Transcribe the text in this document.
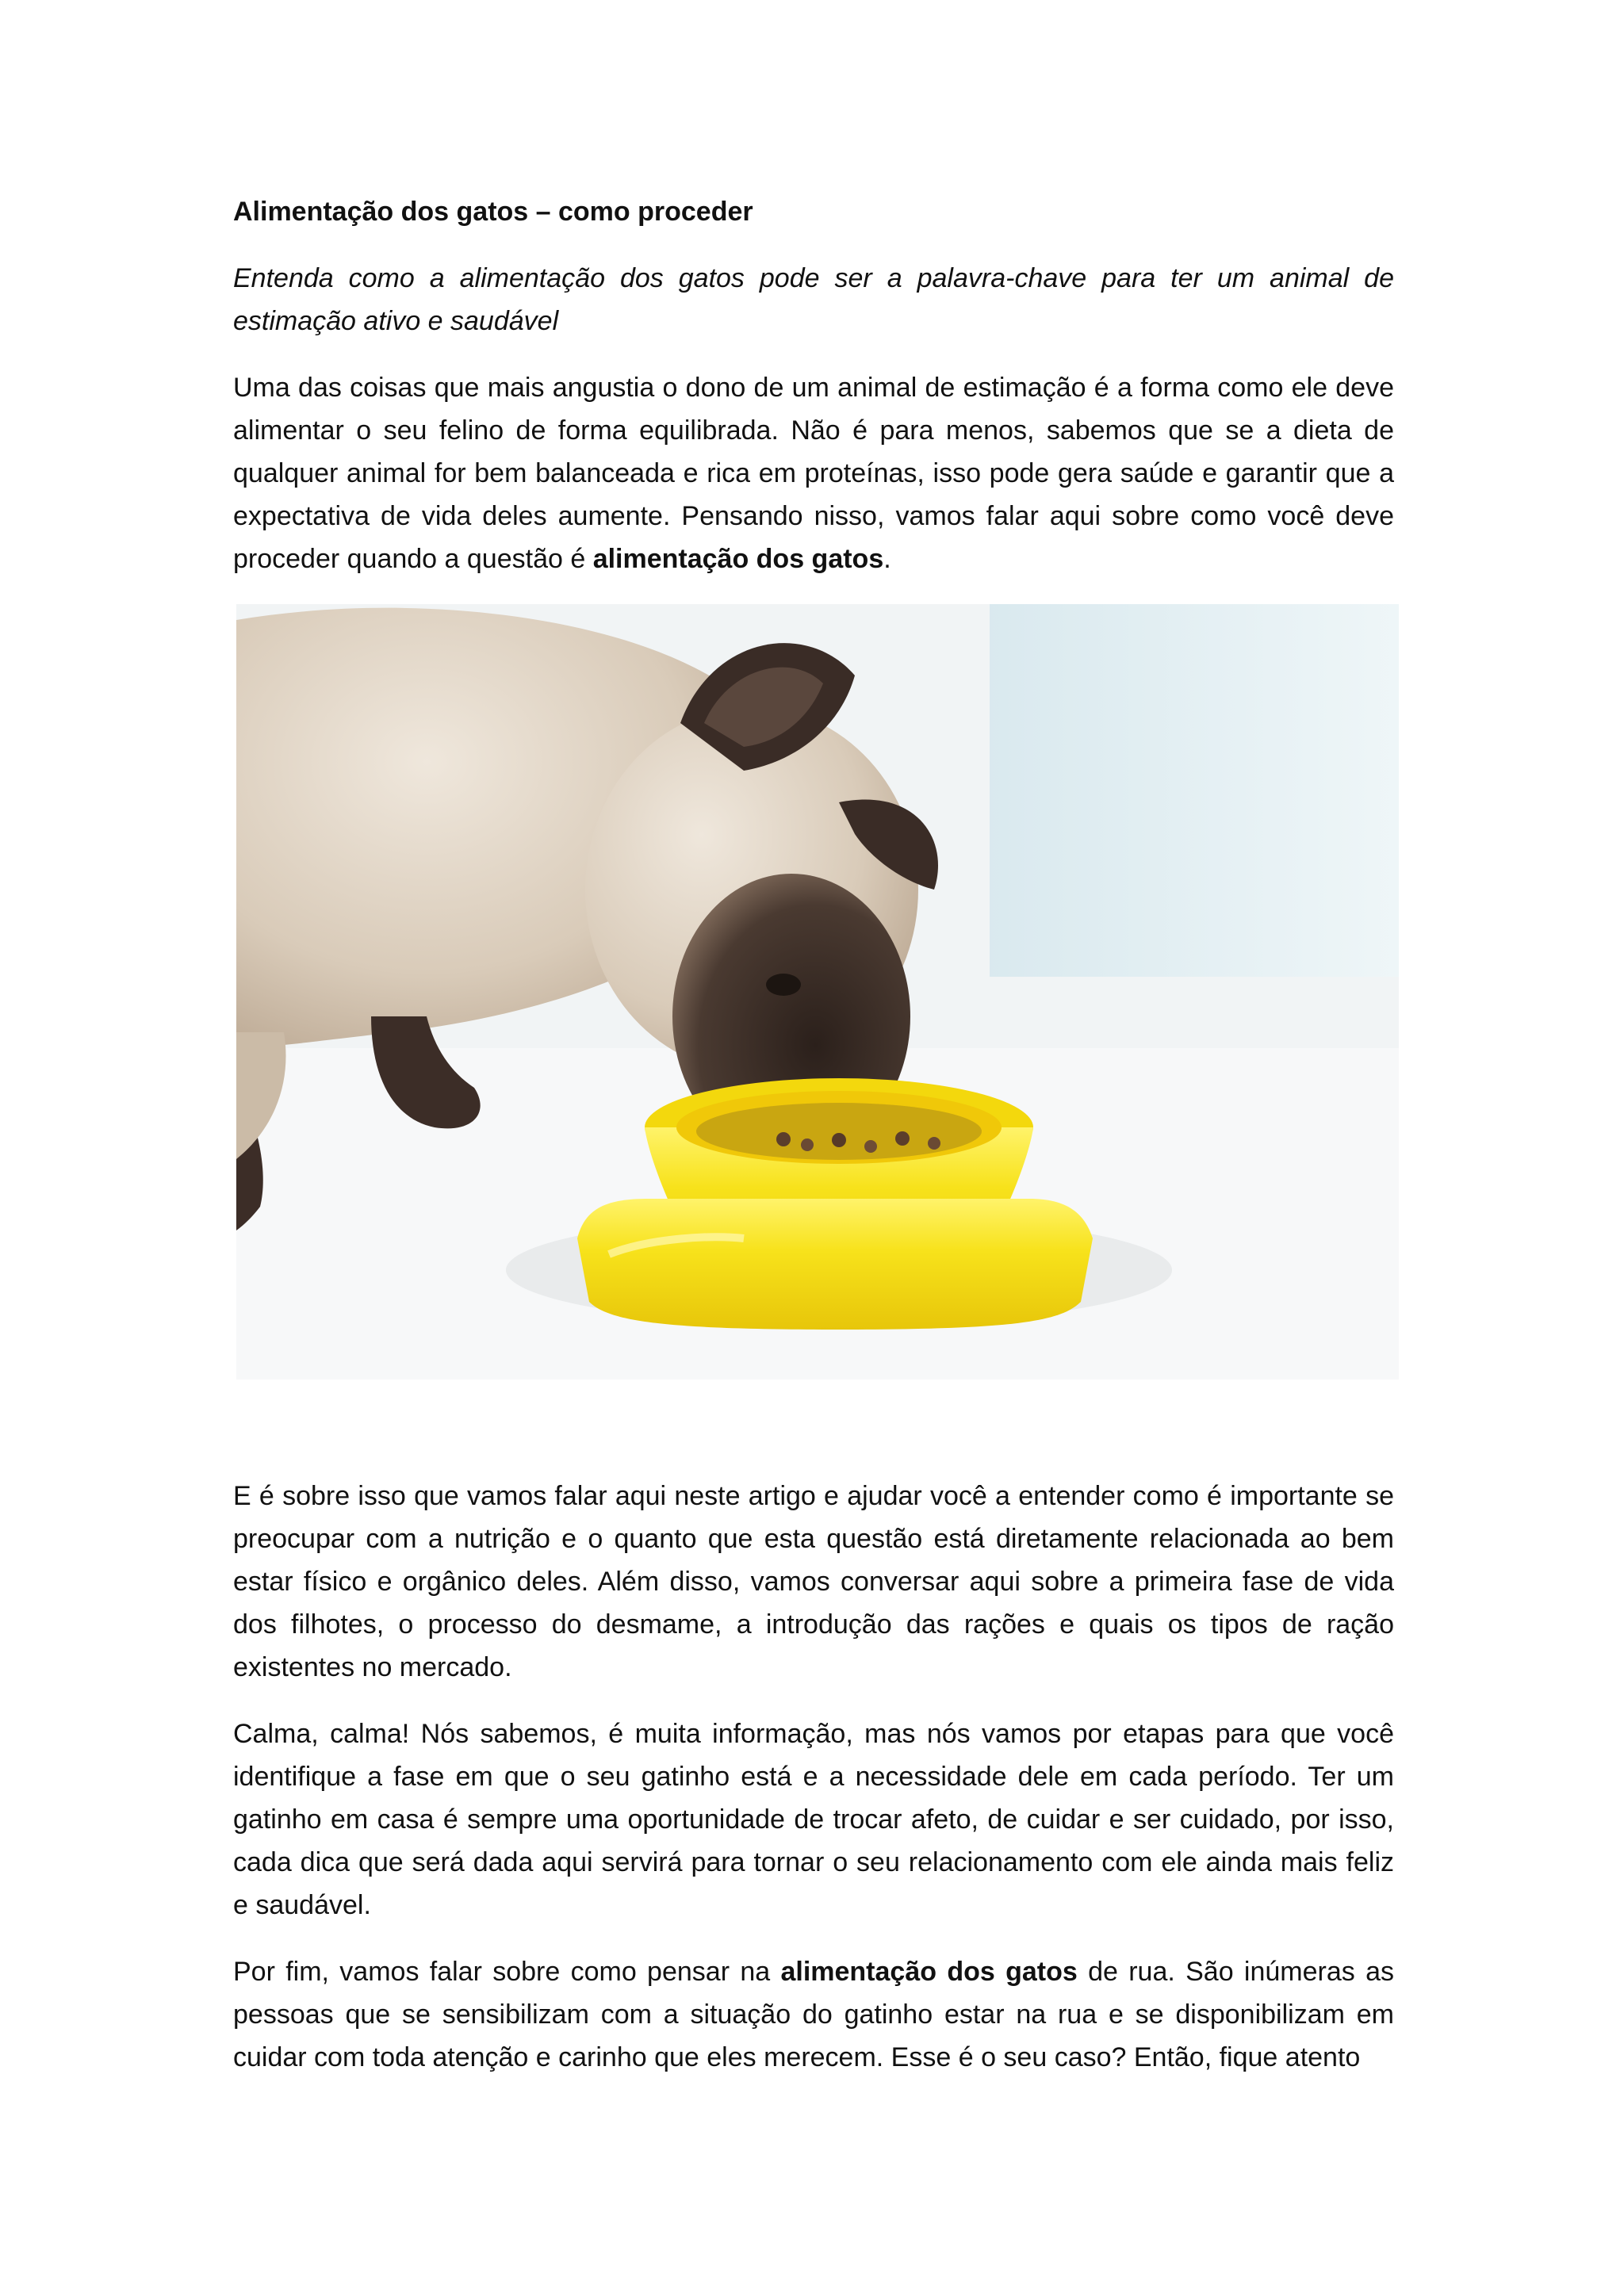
Alimentação dos gatos – como proceder
Entenda como a alimentação dos gatos pode ser a palavra-chave para ter um animal de estimação ativo e saudável

Uma das coisas que mais angustia o dono de um animal de estimação é a forma como ele deve alimentar o seu felino de forma equilibrada. Não é para menos, sabemos que se a dieta de qualquer animal for bem balanceada e rica em proteínas, isso pode gera saúde e garantir que a expectativa de vida deles aumente. Pensando nisso, vamos falar aqui sobre como você deve proceder quando a questão é alimentação dos gatos.

E é sobre isso que vamos falar aqui neste artigo e ajudar você a entender como é importante se preocupar com a nutrição e o quanto que esta questão está diretamente relacionada ao bem estar físico e orgânico deles. Além disso, vamos conversar aqui sobre a primeira fase de vida dos filhotes, o processo do desmame, a introdução das rações e quais os tipos de ração existentes no mercado.

Calma, calma! Nós sabemos, é muita informação, mas nós vamos por etapas para que você identifique a fase em que o seu gatinho está e a necessidade dele em cada período. Ter um gatinho em casa é sempre uma oportunidade de trocar afeto, de cuidar e ser cuidado, por isso, cada dica que será dada aqui servirá para tornar o seu relacionamento com ele ainda mais feliz e saudável.

Por fim, vamos falar sobre como pensar na alimentação dos gatos de rua. São inúmeras as pessoas que se sensibilizam com a situação do gatinho estar na rua e se disponibilizam em cuidar com toda atenção e carinho que eles merecem. Esse é o seu caso? Então, fique atento
